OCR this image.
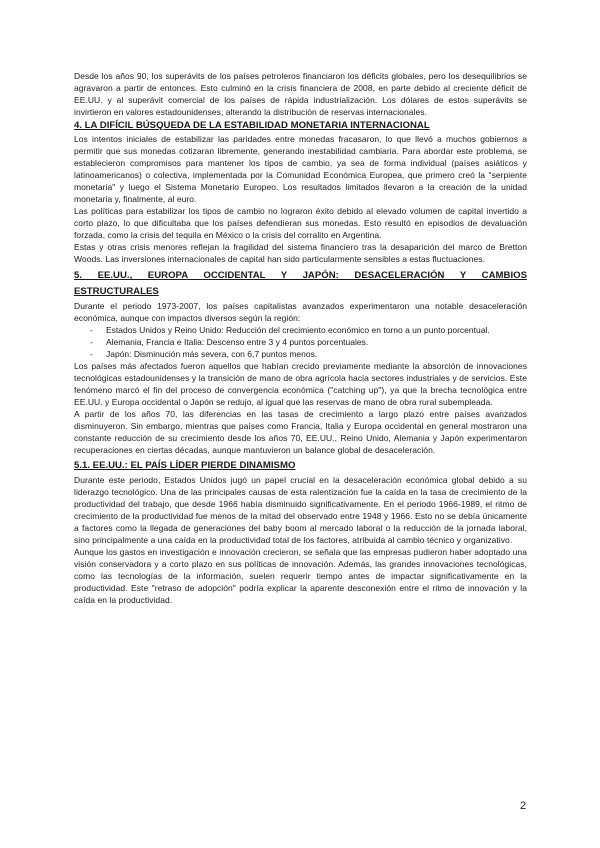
Desde los años 90, los superávits de los países petroleros financiaron los déficits globales, pero los desequilibrios se agravaron a partir de entonces. Esto culminó en la crisis financiera de 2008, en parte debido al creciente déficit de EE.UU. y al superávit comercial de los países de rápida industrialización. Los dólares de estos superávits se invirtieron en valores estadounidenses, alterando la distribución de reservas internacionales.

4. LA DIFÍCIL BÚSQUEDA DE LA ESTABILIDAD MONETARIA INTERNACIONAL

Los intentos iniciales de estabilizar las paridades entre monedas fracasaron, lo que llevó a muchos gobiernos a permitir que sus monedas cotizaran libremente, generando inestabilidad cambiaria. Para abordar este problema, se establecieron compromisos para mantener los tipos de cambio, ya sea de forma individual (países asiáticos y latinoamericanos) o colectiva, implementada por la Comunidad Económica Europea, que primero creó la "serpiente monetaria" y luego el Sistema Monetario Europeo. Los resultados limitados llevaron a la creación de la unidad monetaria y, finalmente, al euro.

Las políticas para estabilizar los tipos de cambio no lograron éxito debido al elevado volumen de capital invertido a corto plazo, lo que dificultaba que los países defendieran sus monedas. Esto resultó en episodios de devaluación forzada, como la crisis del tequila en México o la crisis del corralito en Argentina.

Estas y otras crisis menores reflejan la fragilidad del sistema financiero tras la desaparición del marco de Bretton Woods. Las inversiones internacionales de capital han sido particularmente sensibles a estas fluctuaciones.

5. EE.UU., EUROPA OCCIDENTAL Y JAPÓN: DESACELERACIÓN Y CAMBIOS ESTRUCTURALES

Durante el periodo 1973-2007, los países capitalistas avanzados experimentaron una notable desaceleración económica, aunque con impactos diversos según la región:

- Estados Unidos y Reino Unido: Reducción del crecimiento económico en torno a un punto porcentual.
- Alemania, Francia e Italia: Descenso entre 3 y 4 puntos porcentuales.
- Japón: Disminución más severa, con 6,7 puntos menos.

Los países más afectados fueron aquellos que habían crecido previamente mediante la absorción de innovaciones tecnológicas estadounidenses y la transición de mano de obra agrícola hacia sectores industriales y de servicios. Este fenómeno marcó el fin del proceso de convergencia económica ("catching up"), ya que la brecha tecnológica entre EE.UU. y Europa occidental o Japón se redujo, al igual que las reservas de mano de obra rural subempleada.

A partir de los años 70, las diferencias en las tasas de crecimiento a largo plazo entre países avanzados disminuyeron. Sin embargo, mientras que países como Francia, Italia y Europa occidental en general mostraron una constante reducción de su crecimiento desde los años 70, EE.UU., Reino Unido, Alemania y Japón experimentaron recuperaciones en ciertas décadas, aunque mantuvieron un balance global de desaceleración.

5.1. EE.UU.: EL PAÍS LÍDER PIERDE DINAMISMO

Durante este periodo, Estados Unidos jugó un papel crucial en la desaceleración económica global debido a su liderazgo tecnológico. Una de las principales causas de esta ralentización fue la caída en la tasa de crecimiento de la productividad del trabajo, que desde 1966 había disminuido significativamente. En el periodo 1966-1989, el ritmo de crecimiento de la productividad fue menos de la mitad del observado entre 1948 y 1966. Esto no se debía únicamente a factores como la llegada de generaciones del baby boom al mercado laboral o la reducción de la jornada laboral, sino principalmente a una caída en la productividad total de los factores, atribuida al cambio técnico y organizativo.

Aunque los gastos en investigación e innovación crecieron, se señala que las empresas pudieron haber adoptado una visión conservadora y a corto plazo en sus políticas de innovación. Además, las grandes innovaciones tecnológicas, como las tecnologías de la información, suelen requerir tiempo antes de impactar significativamente en la productividad. Este "retraso de adopción" podría explicar la aparente desconexión entre el ritmo de innovación y la caída en la productividad.

2
